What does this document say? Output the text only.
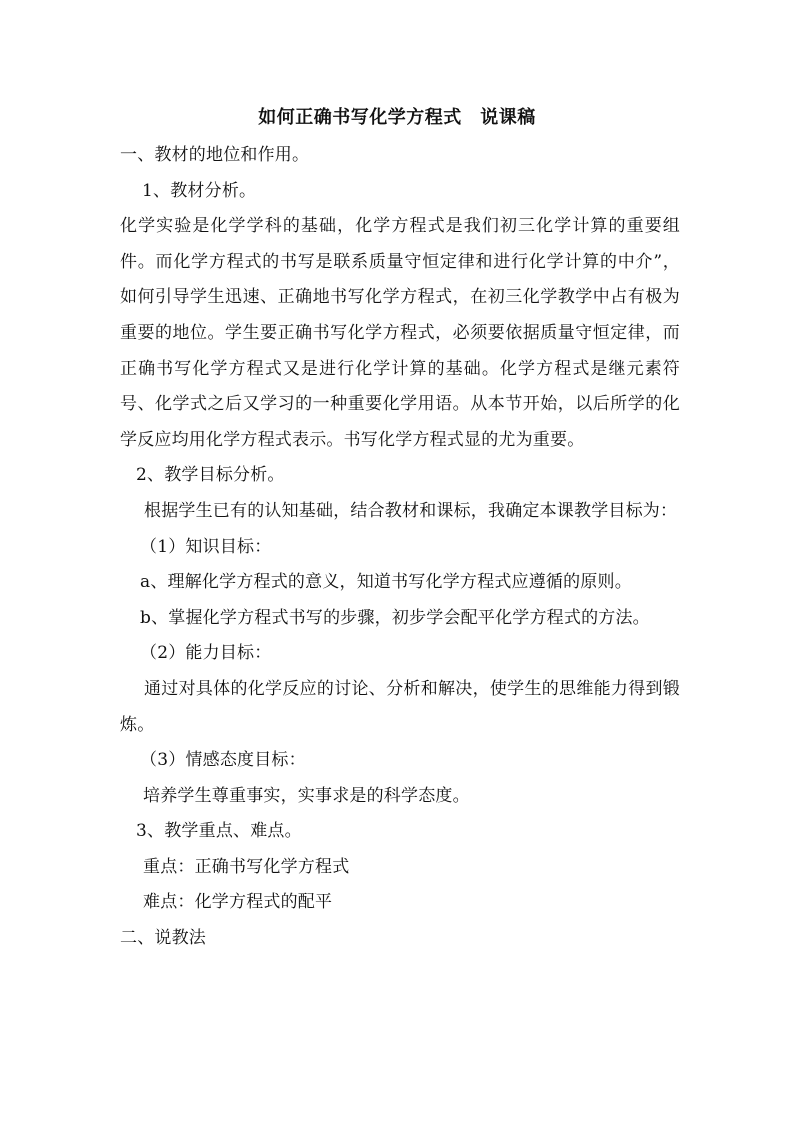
如何正确书写化学方程式　说课稿
一、教材的地位和作用。
1、教材分析。
化学实验是化学学科的基础，化学方程式是我们初三化学计算的重要组件。而化学方程式的书写是联系质量守恒定律和进行化学计算的中介”， 如何引导学生迅速、正确地书写化学方程式，在初三化学教学中占有极为重要的地位。学生要正确书写化学方程式，必须要依据质量守恒定律，而正确书写化学方程式又是进行化学计算的基础。化学方程式是继元素符号、化学式之后又学习的一种重要化学用语。从本节开始，以后所学的化学反应均用化学方程式表示。书写化学方程式显的尤为重要。
2、教学目标分析。
根据学生已有的认知基础，结合教材和课标，我确定本课教学目标为：
（1）知识目标：
a、理解化学方程式的意义，知道书写化学方程式应遵循的原则。
b、掌握化学方程式书写的步骤，初步学会配平化学方程式的方法。
（2）能力目标：
通过对具体的化学反应的讨论、分析和解决，使学生的思维能力得到锻炼。
（3）情感态度目标：
培养学生尊重事实，实事求是的科学态度。
3、教学重点、难点。
重点：正确书写化学方程式
难点：化学方程式的配平
二、说教法
